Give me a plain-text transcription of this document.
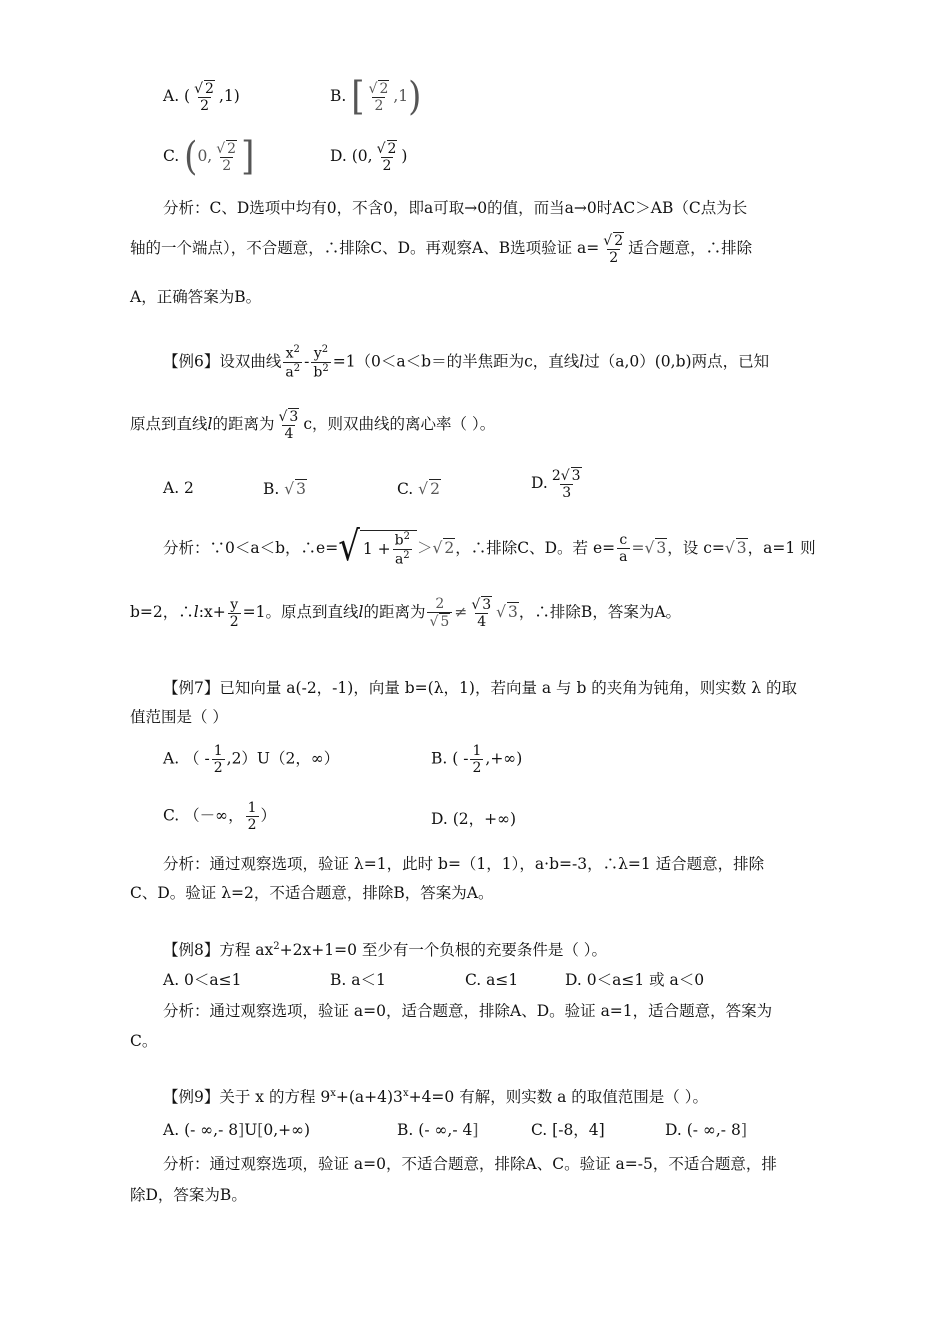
A. ( $\frac{√ 2}{2} ,1$)	B. [ $\frac{√ 2}{2} ,1$)
C. (0, $\frac{√ 2}{2}$ ]	D. (0, $\frac{√ 2}{2}$ )
分析：C、D选项中均有0，不含0，即a可取→0的值，而当a→0时AC＞AB（C点为长
轴的一个端点），不合题意，∴排除C、D。再观察A、B选项验证 $a= \frac{√ 2}{2}$ 适合题意，∴排除
A，正确答案为B。
【例6】设双曲线 $\frac{x^2}{a^2} - \frac{y^2}{b^2} =1(0<a<b=$的半焦距为c，直线l过（a,0）(0,b)两点，已知
原点到直线l的距离为 $\frac{√ 3}{4}$ c，则双曲线的离心率（ ）。
A. 2	B. √ 3	C. √ 2	D. $\frac{2√ 3}{3}$
分析：∵0＜a＜b，∴e= √ $1 + \frac{b^2}{a^2}$ ＞√ 2，∴排除C、D。若 $e= \frac{c}{a}$ =√ 3，设 c=√ 3，a=1 则
b=2，∴l:x+ $\frac{y}{2} =1$。原点到直线l的距离为 $\frac{2}{√ 5} \ne \frac{√ 3}{4}$ √ 3，∴排除B，答案为A。
【例7】已知向量 a(-2，-1)，向量 b=(λ，1)，若向量 a 与 b 的夹角为钝角，则实数 λ 的取
值范围是（ ）
A. （ - $\frac{1}{2} ,2)U(2$，∞）	B. ( - $\frac{1}{2}$ ,+∞)
C. （－∞， $\frac{1}{2}$ ）	D. (2，+∞)
分析：通过观察选项，验证 λ=1，此时 b=（1，1），a·b=-3，∴λ=1 适合题意，排除
C、D。验证 λ=2，不适合题意，排除B，答案为A。
【例8】方程 $ax^2+2x+1=0$ 至少有一个负根的充要条件是（ ）。
A. 0＜a≤1	B. a＜1	C. a≤1	D. 0＜a≤1 或 a＜0
分析：通过观察选项，验证 a=0，适合题意，排除A、D。验证 a=1，适合题意，答案为
C。
【例9】关于 x 的方程 $9^x+(a+4)3^x+4=0$ 有解，则实数 a 的取值范围是（ ）。
A. (- ∞,- 8]U[0,+∞)	B. (- ∞,- 4]	C. [-8，4]	D. (- ∞,- 8]
分析：通过观察选项，验证 a=0，不适合题意，排除A、C。验证 a=-5，不适合题意，排
除D，答案为B。
